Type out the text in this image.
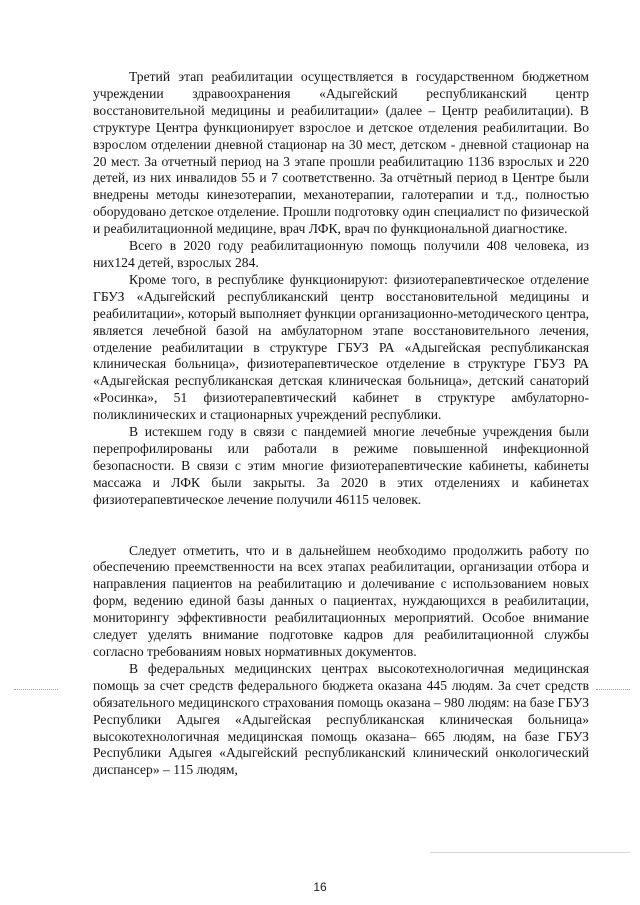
Третий этап реабилитации осуществляется в государственном бюджетном учреждении здравоохранения «Адыгейский республиканский центр восстановительной медицины и реабилитации» (далее – Центр реабилитации). В структуре Центра функционирует взрослое и детское отделения реабилитации. Во взрослом отделении дневной стационар на 30 мест, детском - дневной стационар на 20 мест. За отчетный период на 3 этапе прошли реабилитацию 1136 взрослых и 220 детей, из них инвалидов 55 и 7 соответственно. За отчётный период в Центре были внедрены методы кинезотерапии, механотерапии, галотерапии и т.д., полностью оборудовано детское отделение. Прошли подготовку один специалист по физической и реабилитационной медицине, врач ЛФК, врач по функциональной диагностике.

Всего в 2020 году реабилитационную помощь получили 408 человека, из них124 детей, взрослых 284.

Кроме того, в республике функционируют: физиотерапевтическое отделение ГБУЗ «Адыгейский республиканский центр восстановительной медицины и реабилитации», который выполняет функции организационно-методического центра, является лечебной базой на амбулаторном этапе восстановительного лечения, отделение реабилитации в структуре ГБУЗ РА «Адыгейская республиканская клиническая больница», физиотерапевтическое отделение в структуре ГБУЗ РА «Адыгейская республиканская детская клиническая больница», детский санаторий «Росинка», 51 физиотерапевтический кабинет в структуре амбулаторно-поликлинических и стационарных учреждений республики.

В истекшем году в связи с пандемией многие лечебные учреждения были перепрофилированы или работали в режиме повышенной инфекционной безопасности. В связи с этим многие физиотерапевтические кабинеты, кабинеты массажа и ЛФК были закрыты. За 2020 в этих отделениях и кабинетах физиотерапевтическое лечение получили 46115 человек.

Следует отметить, что и в дальнейшем необходимо продолжить работу по обеспечению преемственности на всех этапах реабилитации, организации отбора и направления пациентов на реабилитацию и долечивание с использованием новых форм, ведению единой базы данных о пациентах, нуждающихся в реабилитации, мониторингу эффективности реабилитационных мероприятий. Особое внимание следует уделять внимание подготовке кадров для реабилитационной службы согласно требованиям новых нормативных документов.

В федеральных медицинских центрах высокотехнологичная медицинская помощь за счет средств федерального бюджета оказана 445 людям. За счет средств обязательного медицинского страхования помощь оказана – 980 людям: на базе ГБУЗ Республики Адыгея «Адыгейская республиканская клиническая больница» высокотехнологичная медицинская помощь оказана– 665 людям, на базе ГБУЗ Республики Адыгея «Адыгейский республиканский клинический онкологический диспансер» – 115 людям,

16
